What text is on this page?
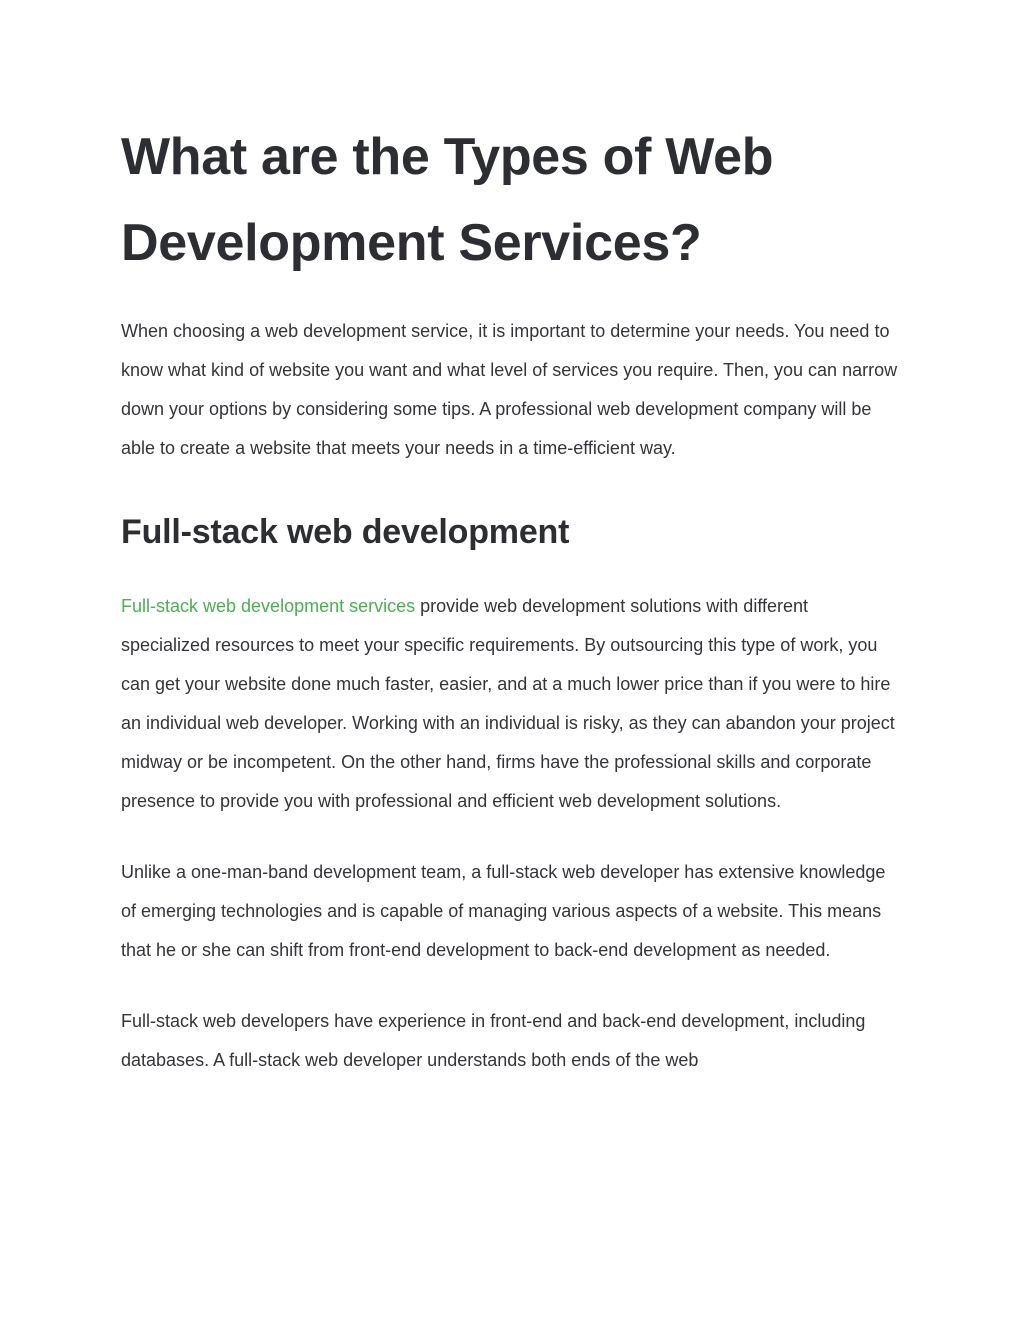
What are the Types of Web Development Services?

When choosing a web development service, it is important to determine your needs. You need to know what kind of website you want and what level of services you require. Then, you can narrow down your options by considering some tips. A professional web development company will be able to create a website that meets your needs in a time-efficient way.

Full-stack web development

Full-stack web development services provide web development solutions with different specialized resources to meet your specific requirements. By outsourcing this type of work, you can get your website done much faster, easier, and at a much lower price than if you were to hire an individual web developer. Working with an individual is risky, as they can abandon your project midway or be incompetent. On the other hand, firms have the professional skills and corporate presence to provide you with professional and efficient web development solutions.

Unlike a one-man-band development team, a full-stack web developer has extensive knowledge of emerging technologies and is capable of managing various aspects of a website. This means that he or she can shift from front-end development to back-end development as needed.

Full-stack web developers have experience in front-end and back-end development, including databases. A full-stack web developer understands both ends of the web
